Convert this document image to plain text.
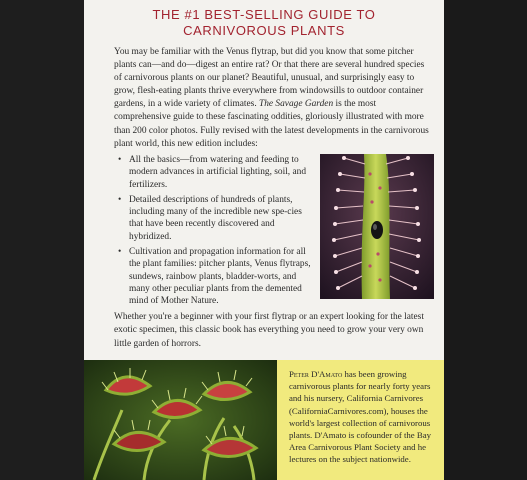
THE #1 BEST-SELLING GUIDE TO
CARNIVOROUS PLANTS

You may be familiar with the Venus flytrap, but did you know that some pitcher plants can—and do—digest an entire rat? Or that there are several hundred species of carnivorous plants on our planet? Beautiful, unusual, and surprisingly easy to grow, flesh-eating plants thrive everywhere from windowsills to outdoor container gardens, in a wide variety of climates. The Savage Garden is the most comprehensive guide to these fascinating oddities, gloriously illustrated with more than 200 color photos. Fully revised with the latest developments in the carnivorous plant world, this new edition includes:

• All the basics—from watering and feeding to modern advances in artificial lighting, soil, and fertilizers.
• Detailed descriptions of hundreds of plants, including many of the incredible new spe-cies that have been recently discovered and hybridized.
• Cultivation and propagation information for all the plant families: pitcher plants, Venus flytraps, sundews, rainbow plants, bladder-worts, and many other peculiar plants from the demented mind of Mother Nature.

Whether you're a beginner with your first flytrap or an expert looking for the latest exotic specimen, this classic book has everything you need to grow your very own little garden of horrors.

Peter D'Amato has been growing carnivorous plants for nearly forty years and his nursery, California Carnivores (CaliforniaCarnivores.com), houses the world's largest collection of carnivorous plants. D'Amato is cofounder of the Bay Area Carnivorous Plant Society and he lectures on the subject nationwide.
